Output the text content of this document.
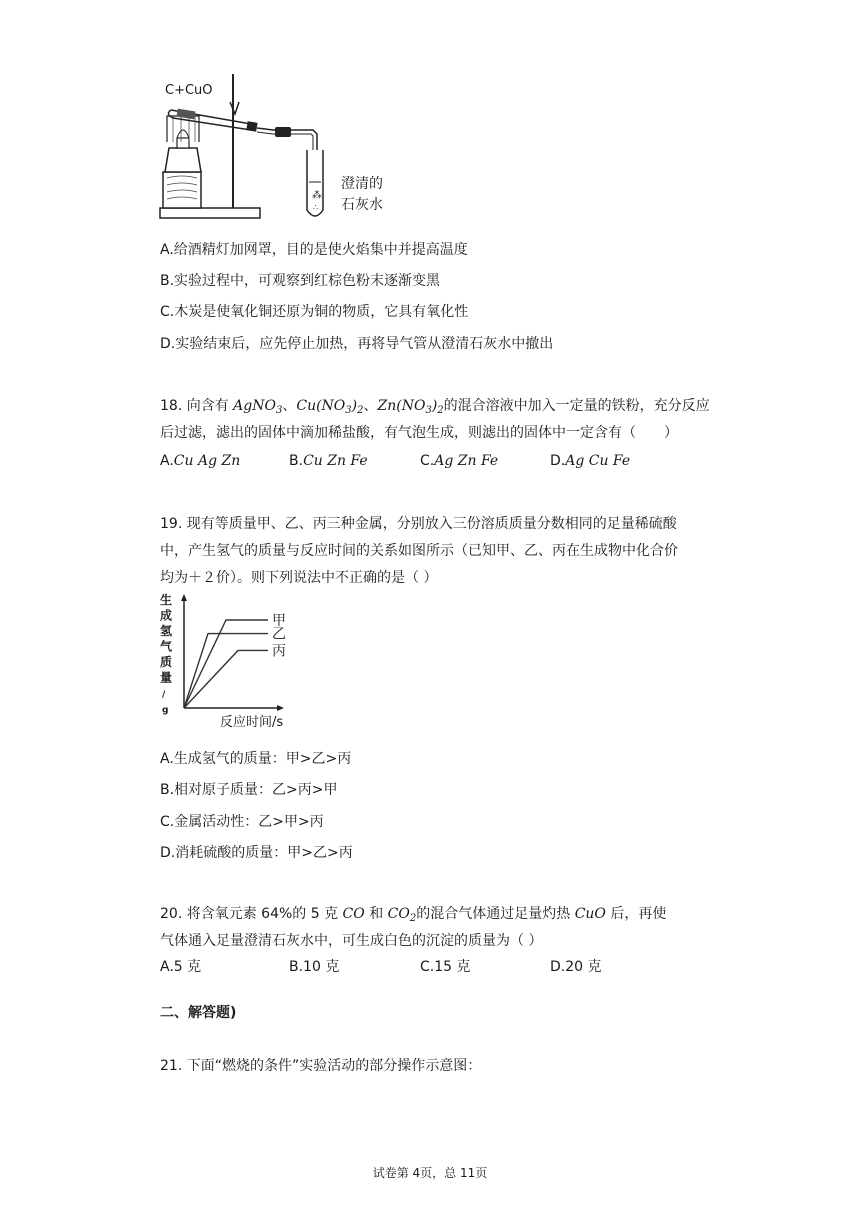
C+CuO
⁂
∴
澄清的
石灰水
A.给酒精灯加网罩，目的是使火焰集中并提高温度
B.实验过程中，可观察到红棕色粉末逐渐变黑
C.木炭是使氧化铜还原为铜的物质，它具有氧化性
D.实验结束后，应先停止加热，再将导气管从澄清石灰水中撤出
18. 向含有 AgNO$_3$、$Cu(NO_3)_2$、$Zn(NO_3)_2$的混合溶液中加入一定量的铁粉，充分反应
后过滤，滤出的固体中滴加稀盐酸，有气泡生成，则滤出的固体中一定含有（　　）
A.Cu Ag Zn	B.Cu Zn Fe	C.Ag Zn Fe	D.Ag Cu Fe
19. 现有等质量甲、乙、丙三种金属，分别放入三份溶质质量分数相同的足量稀硫酸中，产生氢气的质量与反应时间的关系如图所示（已知甲、乙、丙在生成物中化合价均为＋２价）。则下列说法中不正确的是（ ）
生
成
氢
气
质
量
/
g
甲
乙
丙
反应时间/s
A.生成氢气的质量：甲>乙>丙
B.相对原子质量：乙>丙>甲
C.金属活动性：乙>甲>丙
D.消耗硫酸的质量：甲>乙>丙
20. 将含氧元素 64%的 5 克 CO 和 $CO_2$的混合气体通过足量灼热 CuO 后，再使气体通入足量澄清石灰水中，可生成白色的沉淀的质量为（ ）
A.5 克	B.10 克	C.15 克	D.20 克
二、解答题)
21. 下面“燃烧的条件”实验活动的部分操作示意图：
试卷第 4页，总 11页
